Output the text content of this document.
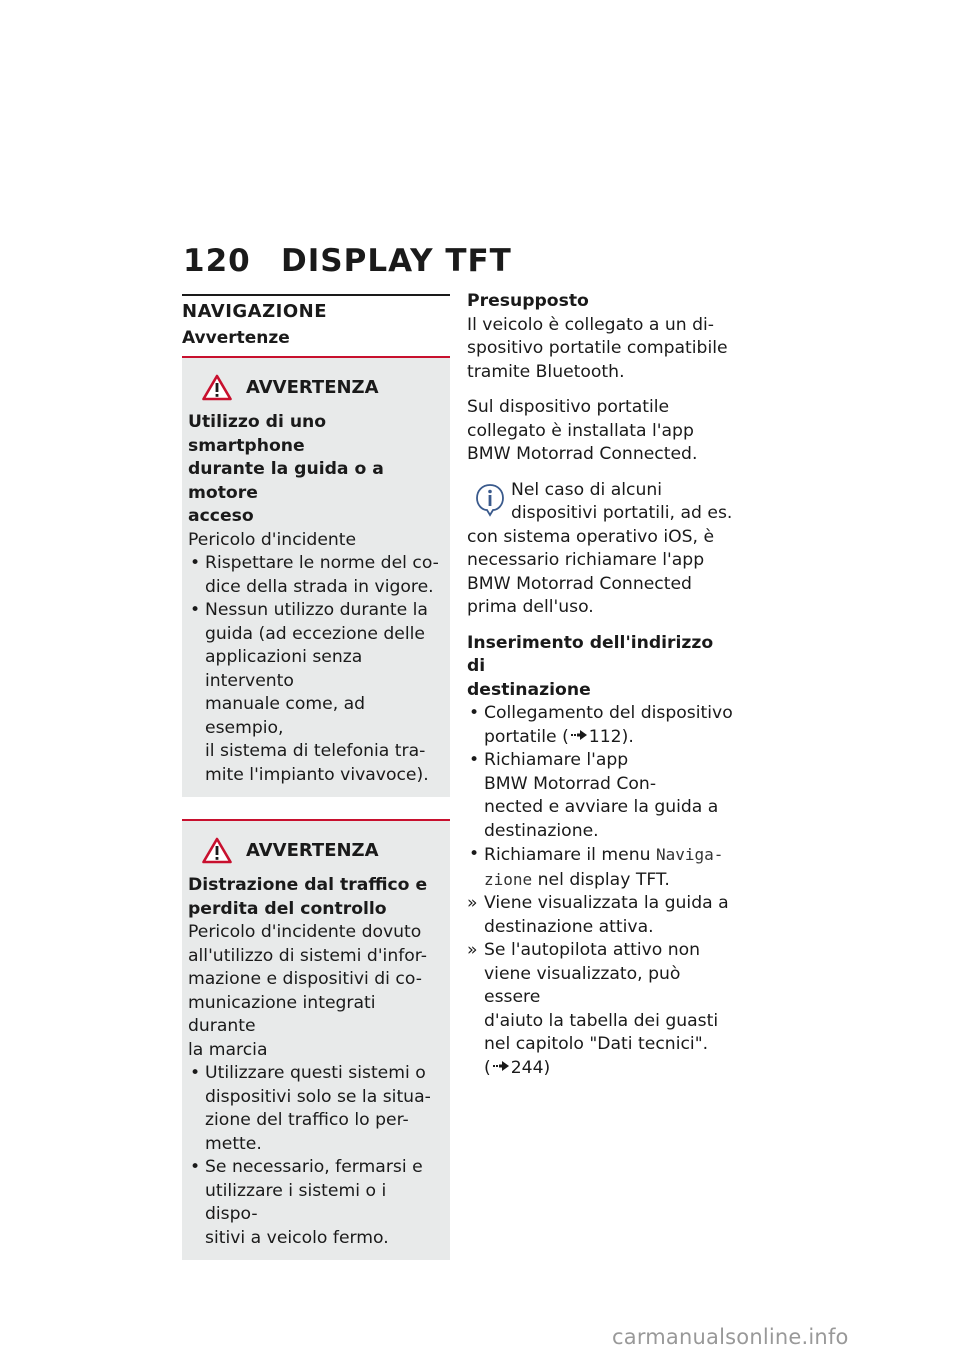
120 DISPLAY TFT
NAVIGAZIONE
Avvertenze
AVVERTENZA
Utilizzo di uno smartphone
durante la guida o a motore
acceso
Pericolo d'incidente
• Rispettare le norme del co-
dice della strada in vigore.
• Nessun utilizzo durante la
guida (ad eccezione delle
applicazioni senza intervento
manuale come, ad esempio,
il sistema di telefonia tra-
mite l'impianto vivavoce).
AVVERTENZA
Distrazione dal traffico e
perdita del controllo
Pericolo d'incidente dovuto
all'utilizzo di sistemi d'infor-
mazione e dispositivi di co-
municazione integrati durante
la marcia
• Utilizzare questi sistemi o
dispositivi solo se la situa-
zione del traffico lo per-
mette.
• Se necessario, fermarsi e
utilizzare i sistemi o i dispo-
sitivi a veicolo fermo.
Presupposto
Il veicolo è collegato a un di-
spositivo portatile compatibile
tramite Bluetooth.
Sul dispositivo portatile
collegato è installata l'app
BMW Motorrad Connected.
Nel caso di alcuni
dispositivi portatili, ad es.
con sistema operativo iOS, è
necessario richiamare l'app
BMW Motorrad Connected
prima dell'uso.
Inserimento dell'indirizzo di
destinazione
• Collegamento del dispositivo
portatile ( 112).
• Richiamare l'app
BMW Motorrad Con-
nected e avviare la guida a
destinazione.
• Richiamare il menu Naviga-
zione nel display TFT.
» Viene visualizzata la guida a
destinazione attiva.
» Se l'autopilota attivo non
viene visualizzato, può essere
d'aiuto la tabella dei guasti
nel capitolo "Dati tecnici".
( 244)
carmanualsonline.info
